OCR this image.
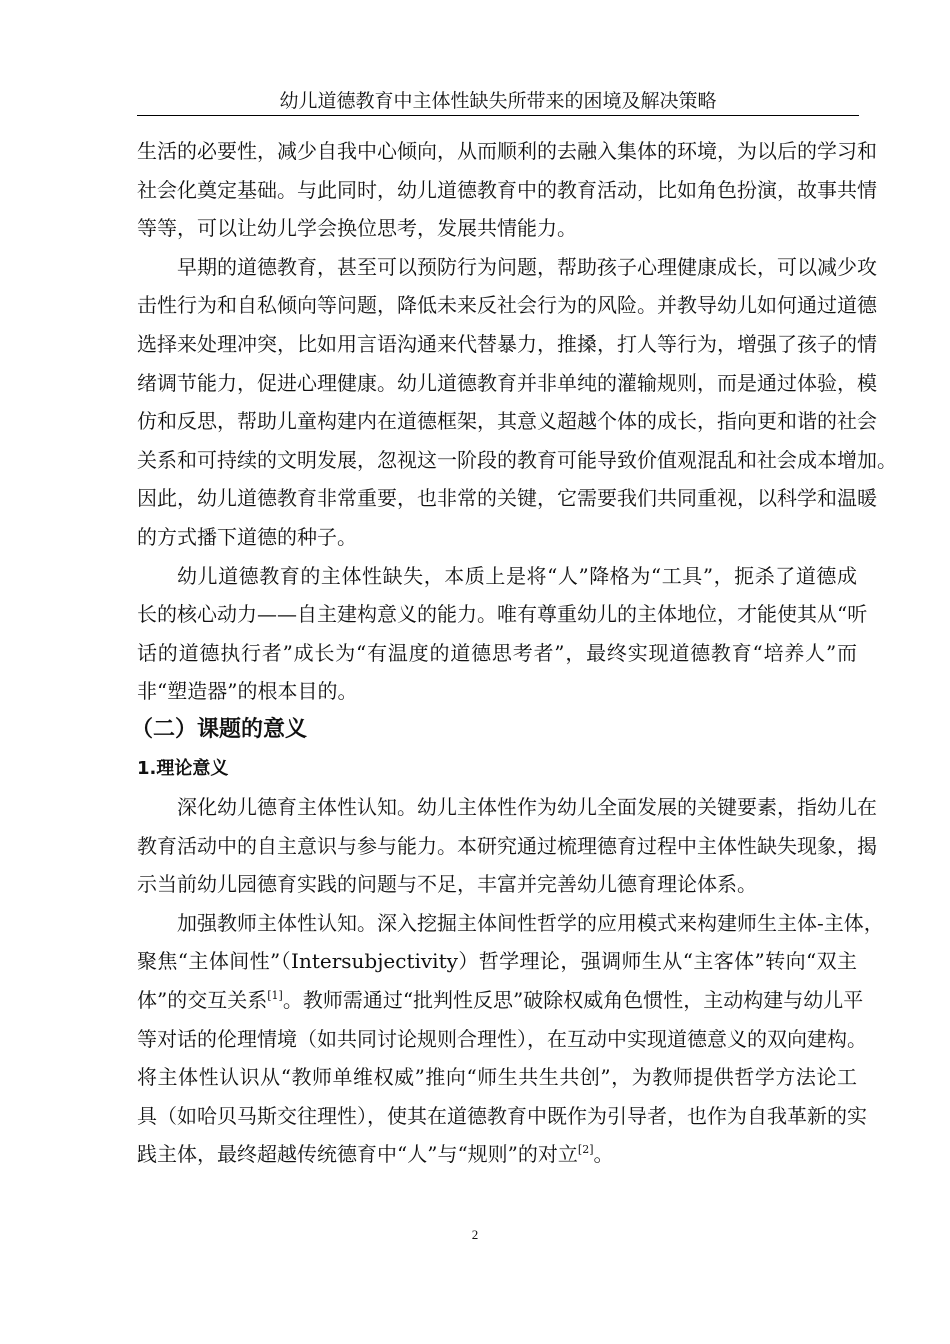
幼儿道德教育中主体性缺失所带来的困境及解决策略
生活的必要性，减少自我中心倾向，从而顺利的去融入集体的环境，为以后的学习和
社会化奠定基础。与此同时，幼儿道德教育中的教育活动，比如角色扮演，故事共情
等等，可以让幼儿学会换位思考，发展共情能力。
早期的道德教育，甚至可以预防行为问题，帮助孩子心理健康成长，可以减少攻
击性行为和自私倾向等问题，降低未来反社会行为的风险。并教导幼儿如何通过道德
选择来处理冲突，比如用言语沟通来代替暴力，推搡，打人等行为，增强了孩子的情
绪调节能力，促进心理健康。幼儿道德教育并非单纯的灌输规则，而是通过体验，模
仿和反思，帮助儿童构建内在道德框架，其意义超越个体的成长，指向更和谐的社会
关系和可持续的文明发展，忽视这一阶段的教育可能导致价值观混乱和社会成本增加。
因此，幼儿道德教育非常重要，也非常的关键，它需要我们共同重视，以科学和温暖
的方式播下道德的种子。
幼儿道德教育的主体性缺失，本质上是将“人”降格为“工具”，扼杀了道德成
长的核心动力——自主建构意义的能力。唯有尊重幼儿的主体地位，才能使其从“听
话的道德执行者”成长为“有温度的道德思考者”，最终实现道德教育“培养人”而
非“塑造器”的根本目的。
（二）课题的意义
1.理论意义
深化幼儿德育主体性认知。幼儿主体性作为幼儿全面发展的关键要素，指幼儿在
教育活动中的自主意识与参与能力。本研究通过梳理德育过程中主体性缺失现象，揭
示当前幼儿园德育实践的问题与不足，丰富并完善幼儿德育理论体系。
加强教师主体性认知。深入挖掘主体间性哲学的应用模式来构建师生主体-主体，
聚焦“主体间性”（Intersubjectivity）哲学理论，强调师生从“主客体”转向“双主
体”的交互关系[1]。教师需通过“批判性反思”破除权威角色惯性，主动构建与幼儿平
等对话的伦理情境（如共同讨论规则合理性），在互动中实现道德意义的双向建构。
将主体性认识从“教师单维权威”推向“师生共生共创”，为教师提供哲学方法论工
具（如哈贝马斯交往理性），使其在道德教育中既作为引导者，也作为自我革新的实
践主体，最终超越传统德育中“人”与“规则”的对立[2]。
2
